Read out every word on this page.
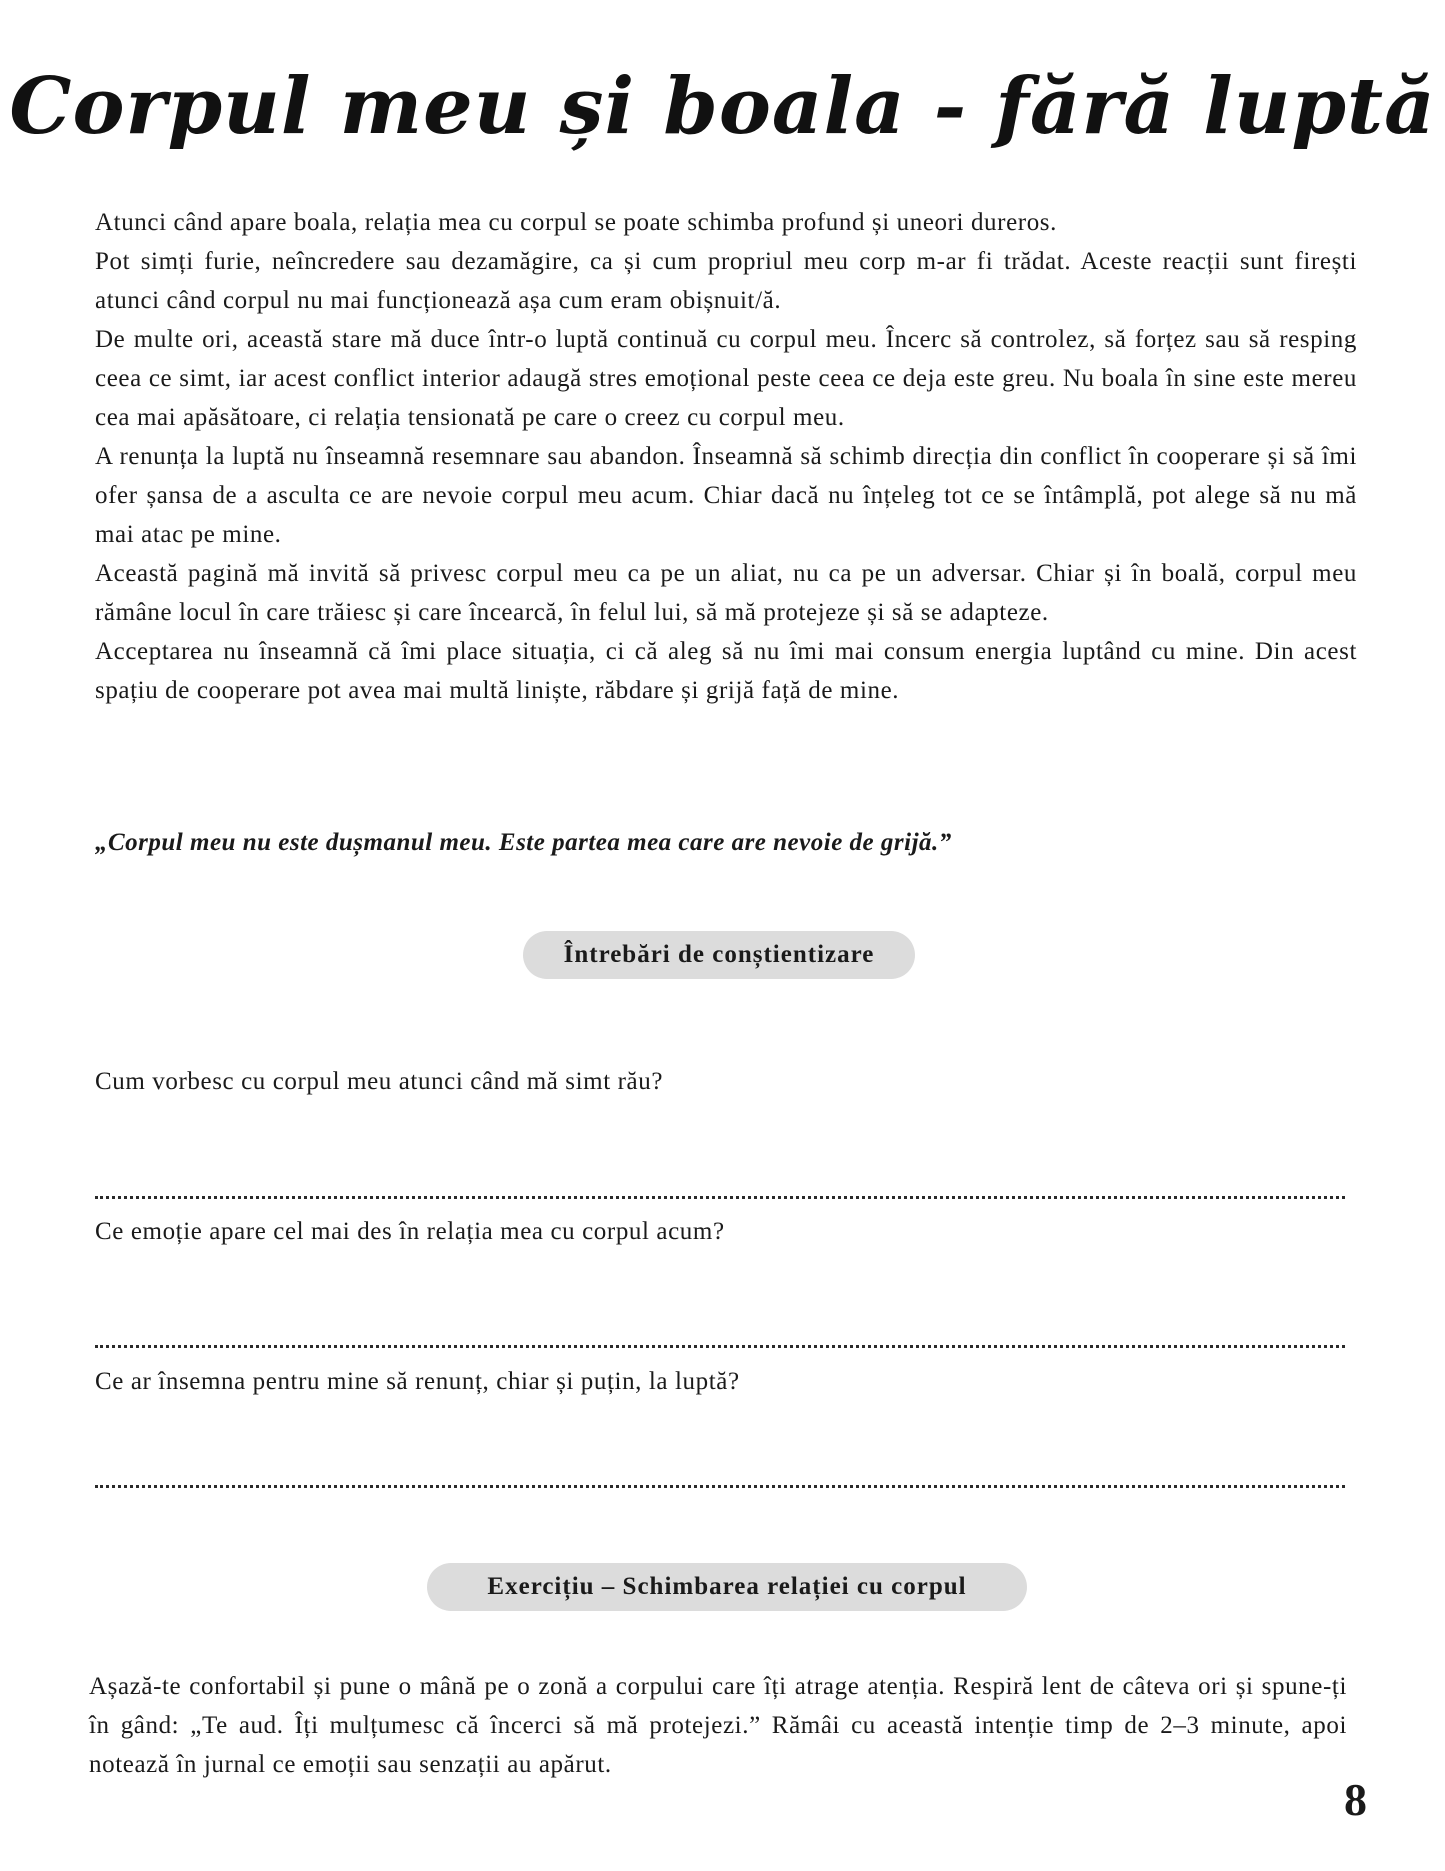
Corpul meu și boala - fără luptă

Atunci când apare boala, relația mea cu corpul se poate schimba profund și uneori dureros.

Pot simți furie, neîncredere sau dezamăgire, ca și cum propriul meu corp m-ar fi trădat. Aceste reacții sunt firești atunci când corpul nu mai funcționează așa cum eram obișnuit/ă.

De multe ori, această stare mă duce într-o luptă continuă cu corpul meu. Încerc să controlez, să forțez sau să resping ceea ce simt, iar acest conflict interior adaugă stres emoțional peste ceea ce deja este greu. Nu boala în sine este mereu cea mai apăsătoare, ci relația tensionată pe care o creez cu corpul meu.

A renunța la luptă nu înseamnă resemnare sau abandon. Înseamnă să schimb direcția din conflict în cooperare și să îmi ofer șansa de a asculta ce are nevoie corpul meu acum. Chiar dacă nu înțeleg tot ce se întâmplă, pot alege să nu mă mai atac pe mine.

Această pagină mă invită să privesc corpul meu ca pe un aliat, nu ca pe un adversar. Chiar și în boală, corpul meu rămâne locul în care trăiesc și care încearcă, în felul lui, să mă protejeze și să se adapteze.

Acceptarea nu înseamnă că îmi place situația, ci că aleg să nu îmi mai consum energia luptând cu mine. Din acest spațiu de cooperare pot avea mai multă liniște, răbdare și grijă față de mine.

„Corpul meu nu este dușmanul meu. Este partea mea care are nevoie de grijă.”

Întrebări de conștientizare

Cum vorbesc cu corpul meu atunci când mă simt rău?

Ce emoție apare cel mai des în relația mea cu corpul acum?

Ce ar însemna pentru mine să renunț, chiar și puțin, la luptă?

Exercițiu – Schimbarea relației cu corpul

Așază-te confortabil și pune o mână pe o zonă a corpului care îți atrage atenția. Respiră lent de câteva ori și spune-ți în gând: „Te aud. Îți mulțumesc că încerci să mă protejezi.” Rămâi cu această intenție timp de 2–3 minute, apoi notează în jurnal ce emoții sau senzații au apărut.

8
